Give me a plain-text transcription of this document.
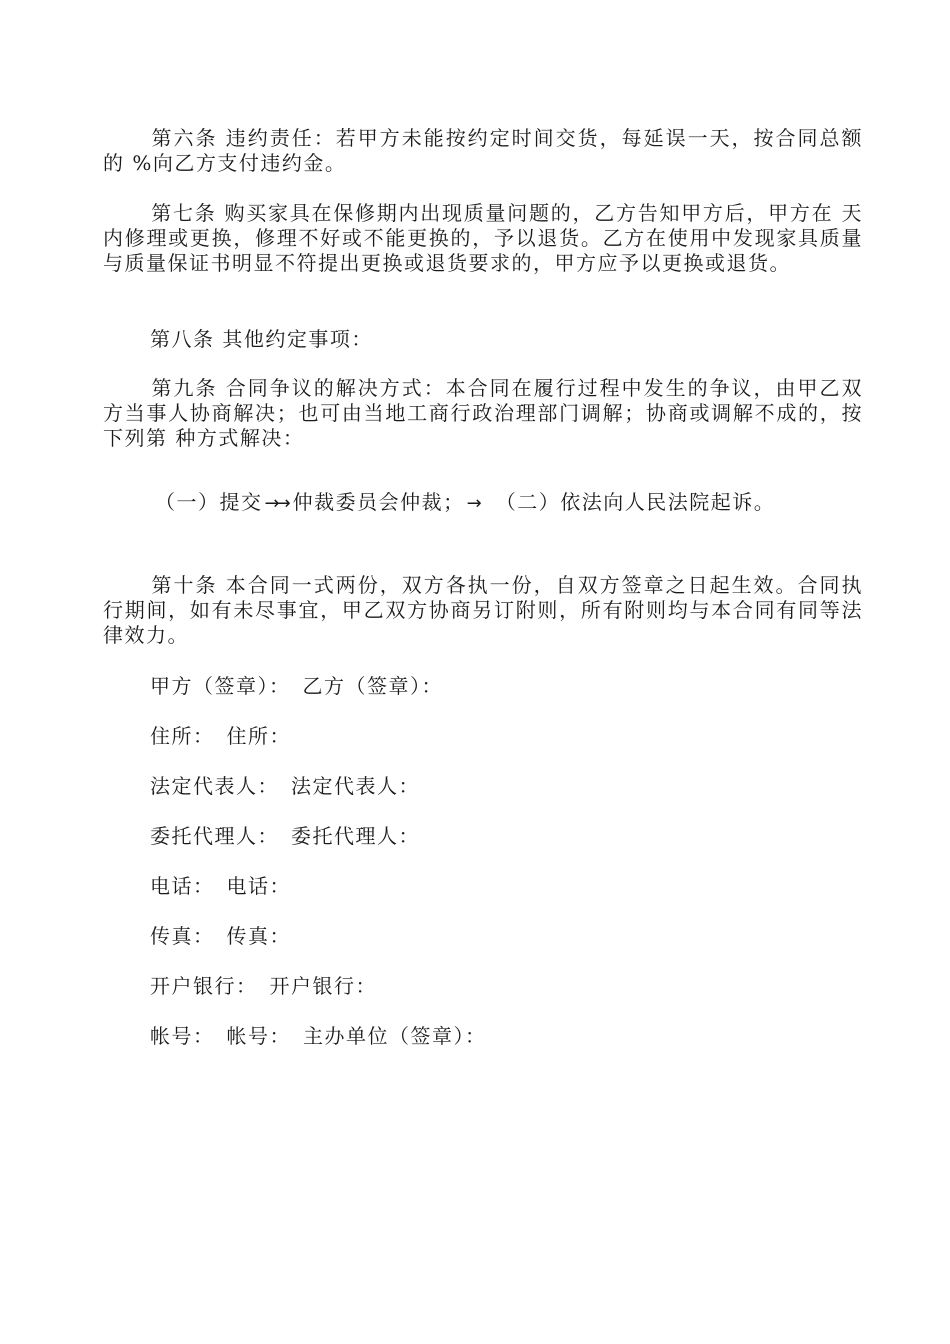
第六条 违约责任：若甲方未能按约定时间交货，每延误一天，按合同总额的 %向乙方支付违约金。
第七条 购买家具在保修期内出现质量问题的，乙方告知甲方后，甲方在 天内修理或更换，修理不好或不能更换的，予以退货。乙方在使用中发现家具质量与质量保证书明显不符提出更换或退货要求的，甲方应予以更换或退货。
第八条 其他约定事项：
第九条 合同争议的解决方式：本合同在履行过程中发生的争议，由甲乙双方当事人协商解决；也可由当地工商行政治理部门调解；协商或调解不成的，按下列第 种方式解决：
（一）提交 →→ 仲裁委员会仲裁； → （二）依法向人民法院起诉。
第十条 本合同一式两份，双方各执一份，自双方签章之日起生效。合同执行期间，如有未尽事宜，甲乙双方协商另订附则，所有附则均与本合同有同等法律效力。
甲方（签章）： 乙方（签章）：
住所： 住所：
法定代表人： 法定代表人：
委托代理人： 委托代理人：
电话： 电话：
传真： 传真：
开户银行： 开户银行：
帐号： 帐号： 主办单位（签章）：
